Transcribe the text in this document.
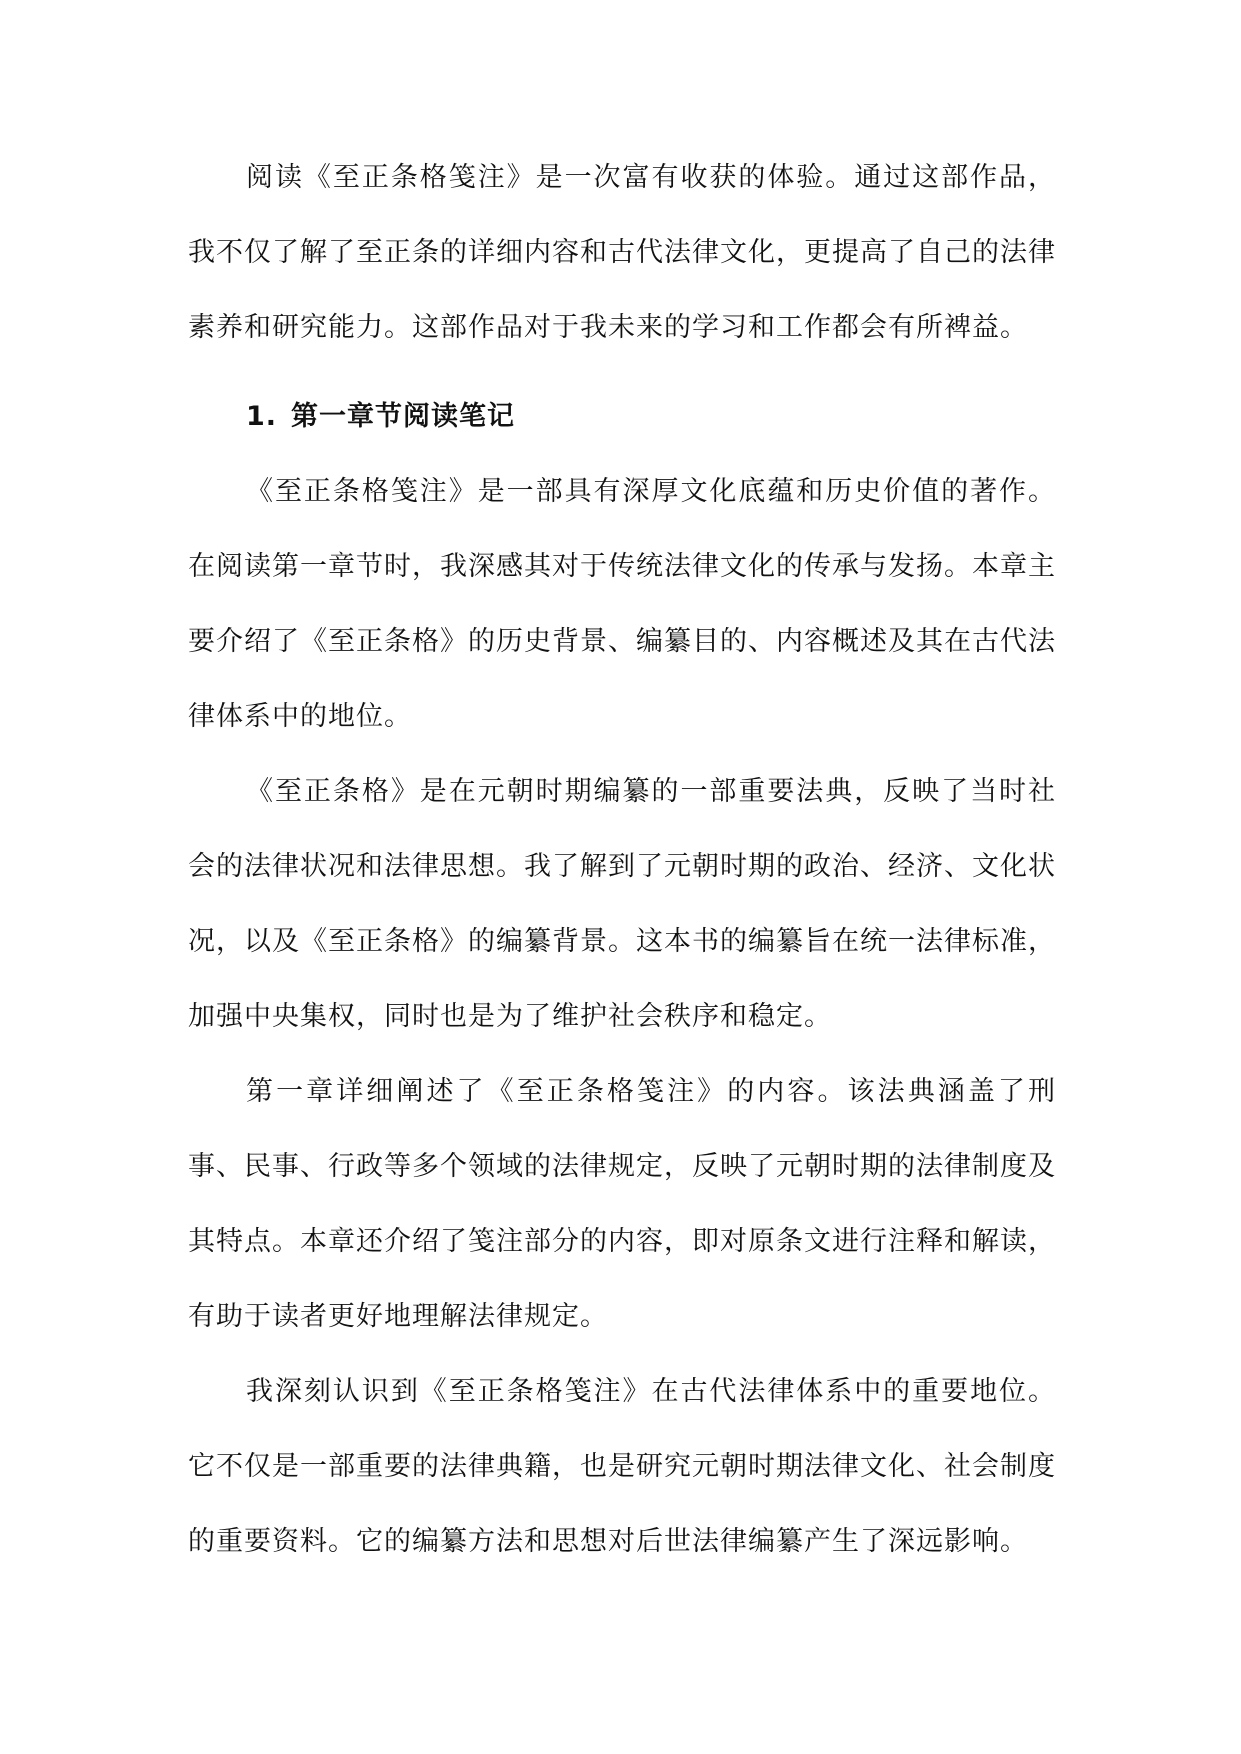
阅读《至正条格笺注》是一次富有收获的体验。通过这部作品，我不仅了解了至正条的详细内容和古代法律文化，更提高了自己的法律素养和研究能力。这部作品对于我未来的学习和工作都会有所裨益。

1. 第一章节阅读笔记

《至正条格笺注》是一部具有深厚文化底蕴和历史价值的著作。在阅读第一章节时，我深感其对于传统法律文化的传承与发扬。本章主要介绍了《至正条格》的历史背景、编纂目的、内容概述及其在古代法律体系中的地位。

《至正条格》是在元朝时期编纂的一部重要法典，反映了当时社会的法律状况和法律思想。我了解到了元朝时期的政治、经济、文化状况，以及《至正条格》的编纂背景。这本书的编纂旨在统一法律标准，加强中央集权，同时也是为了维护社会秩序和稳定。

第一章详细阐述了《至正条格笺注》的内容。该法典涵盖了刑事、民事、行政等多个领域的法律规定，反映了元朝时期的法律制度及其特点。本章还介绍了笺注部分的内容，即对原条文进行注释和解读，有助于读者更好地理解法律规定。

我深刻认识到《至正条格笺注》在古代法律体系中的重要地位。它不仅是一部重要的法律典籍，也是研究元朝时期法律文化、社会制度的重要资料。它的编纂方法和思想对后世法律编纂产生了深远影响。
